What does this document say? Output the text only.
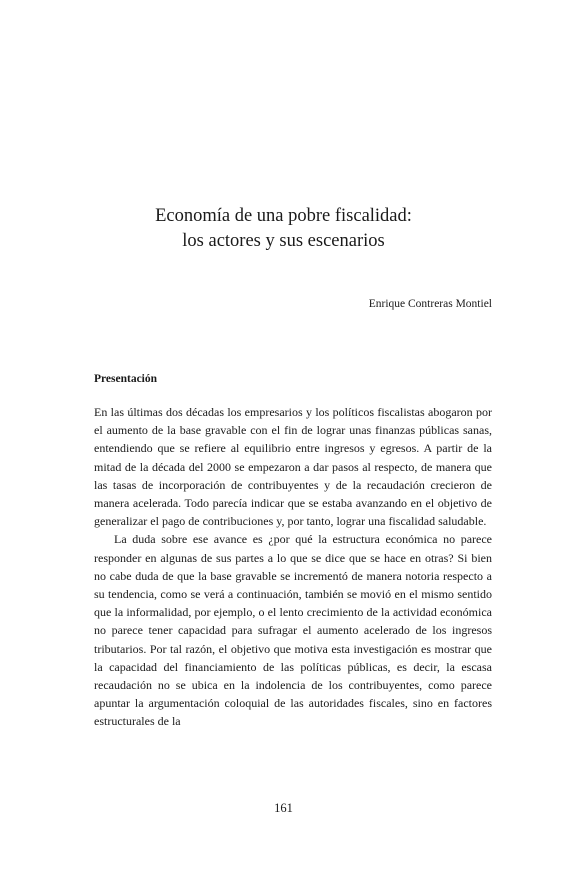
Economía de una pobre fiscalidad:
los actores y sus escenarios

Enrique Contreras Montiel

Presentación

En las últimas dos décadas los empresarios y los políticos fiscalistas abogaron por el aumento de la base gravable con el fin de lograr unas finanzas públicas sanas, entendiendo que se refiere al equilibrio entre ingresos y egresos. A partir de la mitad de la década del 2000 se empezaron a dar pasos al respecto, de manera que las tasas de incorporación de contribuyentes y de la recaudación crecieron de manera acelerada. Todo parecía indicar que se estaba avanzando en el objetivo de generalizar el pago de contribuciones y, por tanto, lograr una fiscalidad saludable.

La duda sobre ese avance es ¿por qué la estructura económica no parece responder en algunas de sus partes a lo que se dice que se hace en otras? Si bien no cabe duda de que la base gravable se incrementó de manera notoria respecto a su tendencia, como se verá a continuación, también se movió en el mismo sentido que la informalidad, por ejemplo, o el lento crecimiento de la actividad económica no parece tener capacidad para sufragar el aumento acelerado de los ingresos tributarios. Por tal razón, el objetivo que motiva esta investigación es mostrar que la capacidad del financiamiento de las políticas públicas, es decir, la escasa recaudación no se ubica en la indolencia de los contribuyentes, como parece apuntar la argumentación coloquial de las autoridades fiscales, sino en factores estructurales de la

161
